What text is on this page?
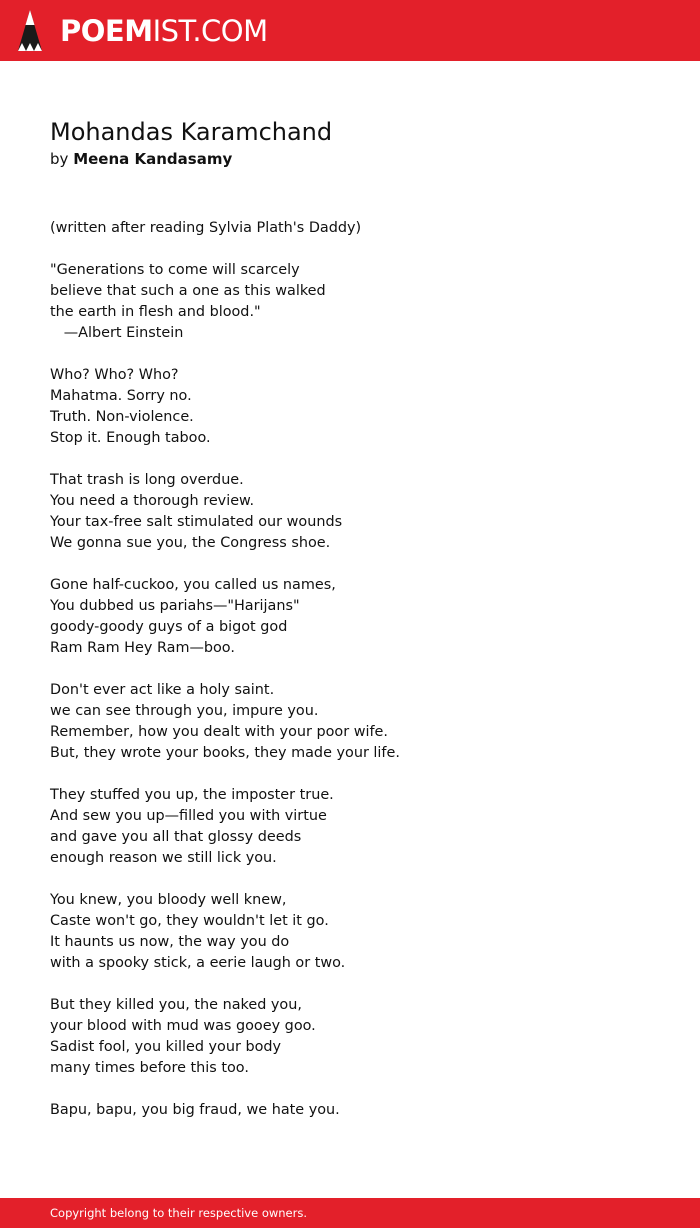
POEMIST.COM
Mohandas Karamchand
by Meena Kandasamy
(written after reading Sylvia Plath's Daddy)
"Generations to come will scarcely
believe that such a one as this walked
the earth in flesh and blood."
—Albert Einstein
Who? Who? Who?
Mahatma. Sorry no.
Truth. Non-violence.
Stop it. Enough taboo.
That trash is long overdue.
You need a thorough review.
Your tax-free salt stimulated our wounds
We gonna sue you, the Congress shoe.
Gone half-cuckoo, you called us names,
You dubbed us pariahs—"Harijans"
goody-goody guys of a bigot god
Ram Ram Hey Ram—boo.
Don't ever act like a holy saint.
we can see through you, impure you.
Remember, how you dealt with your poor wife.
But, they wrote your books, they made your life.
They stuffed you up, the imposter true.
And sew you up—filled you with virtue
and gave you all that glossy deeds
enough reason we still lick you.
You knew, you bloody well knew,
Caste won't go, they wouldn't let it go.
It haunts us now, the way you do
with a spooky stick, a eerie laugh or two.
But they killed you, the naked you,
your blood with mud was gooey goo.
Sadist fool, you killed your body
many times before this too.
Bapu, bapu, you big fraud, we hate you.
Copyright belong to their respective owners.
